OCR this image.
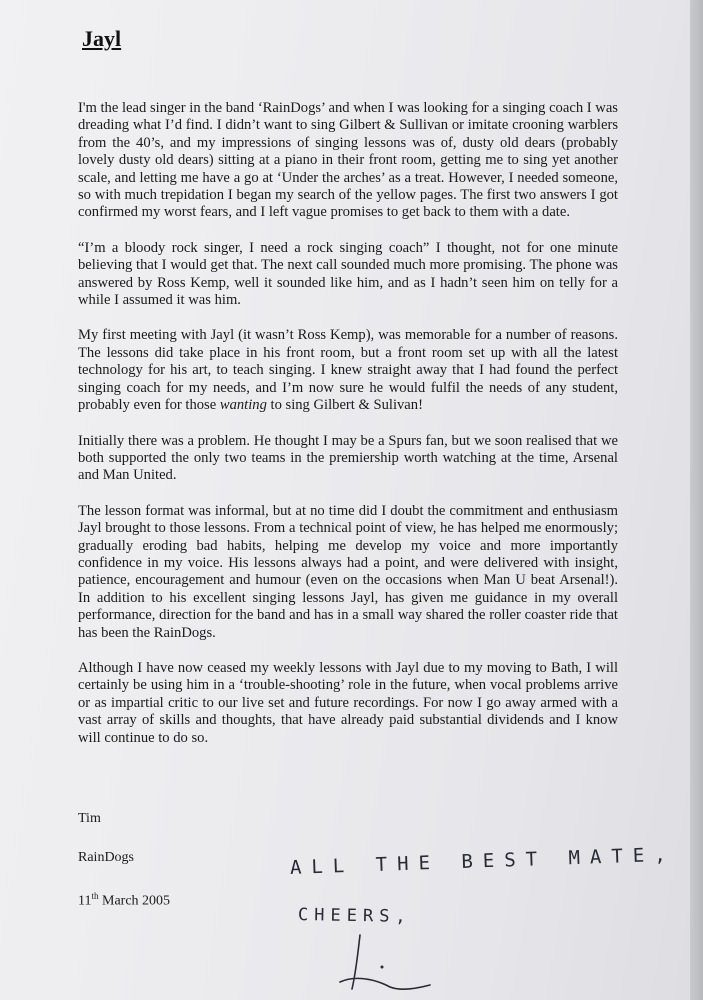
Jayl

I'm the lead singer in the band ‘RainDogs’ and when I was looking for a singing coach I was dreading what I’d find. I didn’t want to sing Gilbert & Sullivan or imitate crooning warblers from the 40’s, and my impressions of singing lessons was of, dusty old dears (probably lovely dusty old dears) sitting at a piano in their front room, getting me to sing yet another scale, and letting me have a go at ‘Under the arches’ as a treat. However, I needed someone, so with much trepidation I began my search of the yellow pages. The first two answers I got confirmed my worst fears, and I left vague promises to get back to them with a date.

“I’m a bloody rock singer, I need a rock singing coach” I thought, not for one minute believing that I would get that. The next call sounded much more promising. The phone was answered by Ross Kemp, well it sounded like him, and as I hadn’t seen him on telly for a while I assumed it was him.

My first meeting with Jayl (it wasn’t Ross Kemp), was memorable for a number of reasons. The lessons did take place in his front room, but a front room set up with all the latest technology for his art, to teach singing. I knew straight away that I had found the perfect singing coach for my needs, and I’m now sure he would fulfil the needs of any student, probably even for those wanting to sing Gilbert & Sulivan!

Initially there was a problem. He thought I may be a Spurs fan, but we soon realised that we both supported the only two teams in the premiership worth watching at the time, Arsenal and Man United.

The lesson format was informal, but at no time did I doubt the commitment and enthusiasm Jayl brought to those lessons. From a technical point of view, he has helped me enormously; gradually eroding bad habits, helping me develop my voice and more importantly confidence in my voice. His lessons always had a point, and were delivered with insight, patience, encouragement and humour (even on the occasions when Man U beat Arsenal!). In addition to his excellent singing lessons Jayl, has given me guidance in my overall performance, direction for the band and has in a small way shared the roller coaster ride that has been the RainDogs.

Although I have now ceased my weekly lessons with Jayl due to my moving to Bath, I will certainly be using him in a ‘trouble-shooting’ role in the future, when vocal problems arrive or as impartial critic to our live set and future recordings. For now I go away armed with a vast array of skills and thoughts, that have already paid substantial dividends and I know will continue to do so.

Tim
RainDogs
11th March 2005
ALL THE BEST MATE,
CHEERS,
